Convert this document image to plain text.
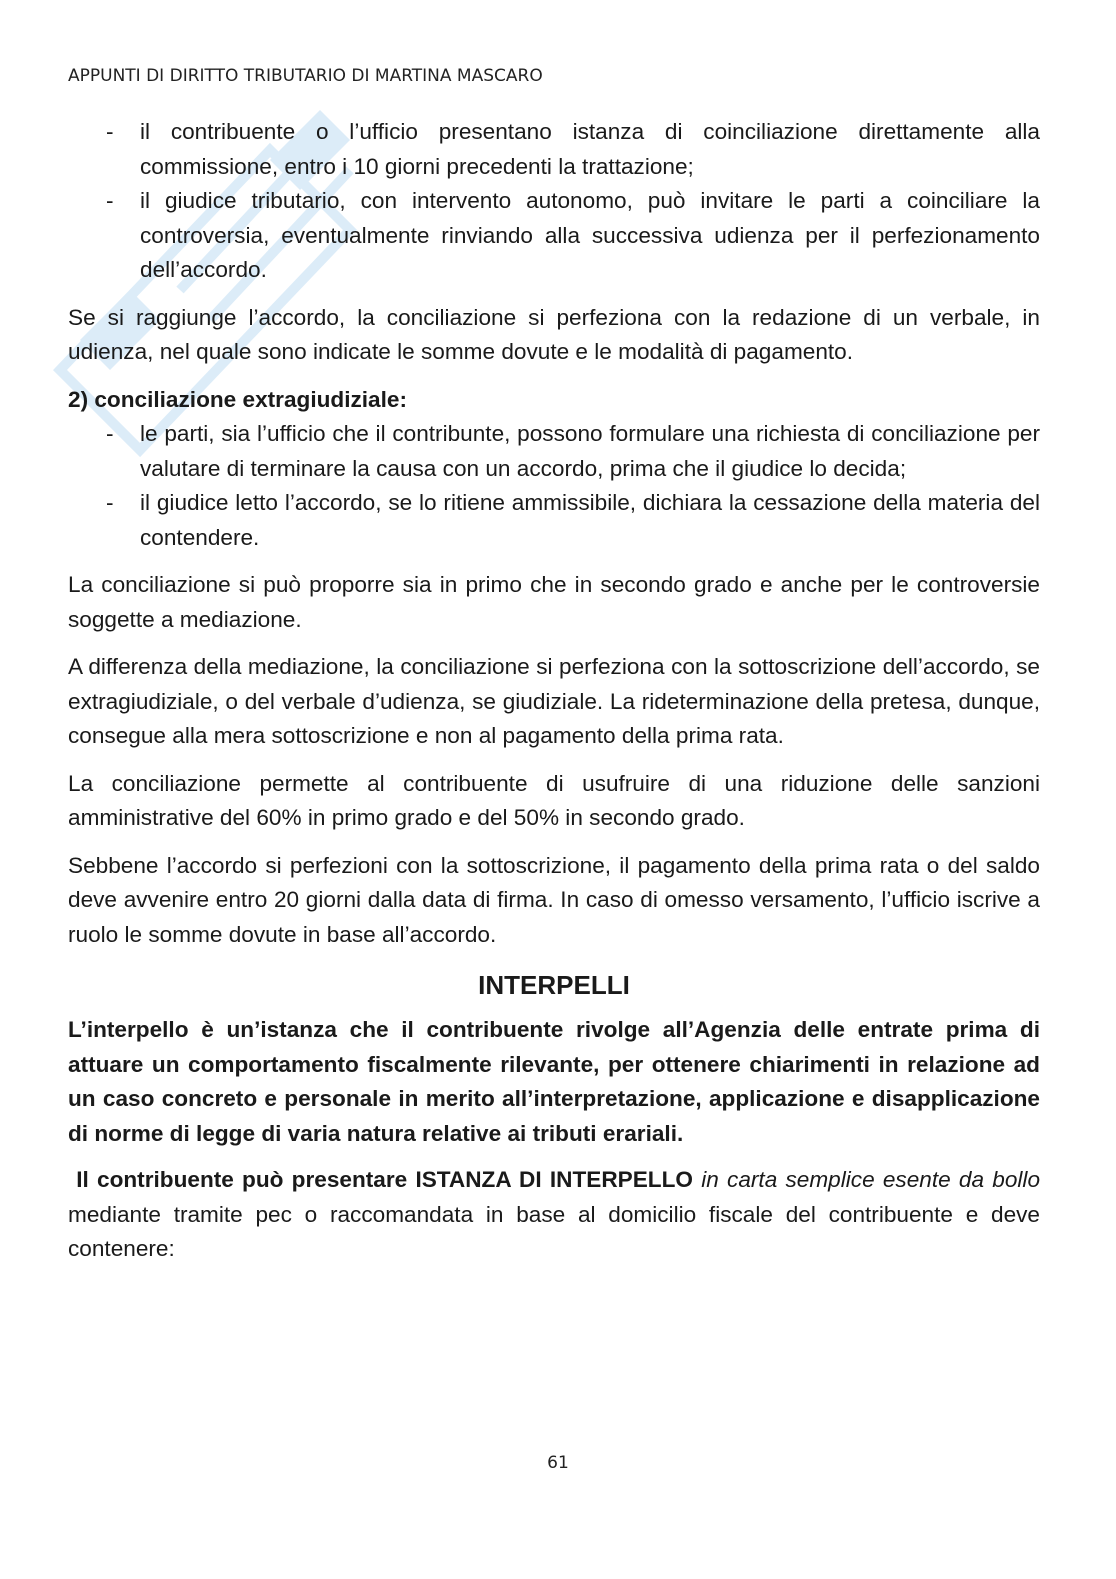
APPUNTI DI DIRITTO TRIBUTARIO DI MARTINA MASCARO
- il contribuente o l’ufficio presentano istanza di coinciliazione direttamente alla commissione, entro i 10 giorni precedenti la trattazione;
- il giudice tributario, con intervento autonomo, può invitare le parti a coinciliare la controversia, eventualmente rinviando alla successiva udienza per il perfezionamento dell’accordo.

Se si raggiunge l’accordo, la conciliazione si perfeziona con la redazione di un verbale, in udienza, nel quale sono indicate le somme dovute e le modalità di pagamento.

2) conciliazione extragiudiziale:

- le parti, sia l’ufficio che il contribunte, possono formulare una richiesta di conciliazione per valutare di terminare la causa con un accordo, prima che il giudice lo decida;
- il giudice letto l’accordo, se lo ritiene ammissibile, dichiara la cessazione della materia del contendere.

La conciliazione si può proporre sia in primo che in secondo grado e anche per le controversie soggette a mediazione.

A differenza della mediazione, la conciliazione si perfeziona con la sottoscrizione dell’accordo, se extragiudiziale, o del verbale d’udienza, se giudiziale. La rideterminazione della pretesa, dunque, consegue alla mera sottoscrizione e non al pagamento della prima rata.

La conciliazione permette al contribuente di usufruire di una riduzione delle sanzioni amministrative del 60% in primo grado e del 50% in secondo grado.

Sebbene l’accordo si perfezioni con la sottoscrizione, il pagamento della prima rata o del saldo deve avvenire entro 20 giorni dalla data di firma. In caso di omesso versamento, l’ufficio iscrive a ruolo le somme dovute in base all’accordo.

INTERPELLI

L’interpello è un’istanza che il contribuente rivolge all’Agenzia delle entrate prima di attuare un comportamento fiscalmente rilevante, per ottenere chiarimenti in relazione ad un caso concreto e personale in merito all’interpretazione, applicazione e disapplicazione di norme di legge di varia natura relative ai tributi erariali.

Il contribuente può presentare ISTANZA DI INTERPELLO in carta semplice esente da bollo mediante tramite pec o raccomandata in base al domicilio fiscale del contribuente e deve contenere:

61
